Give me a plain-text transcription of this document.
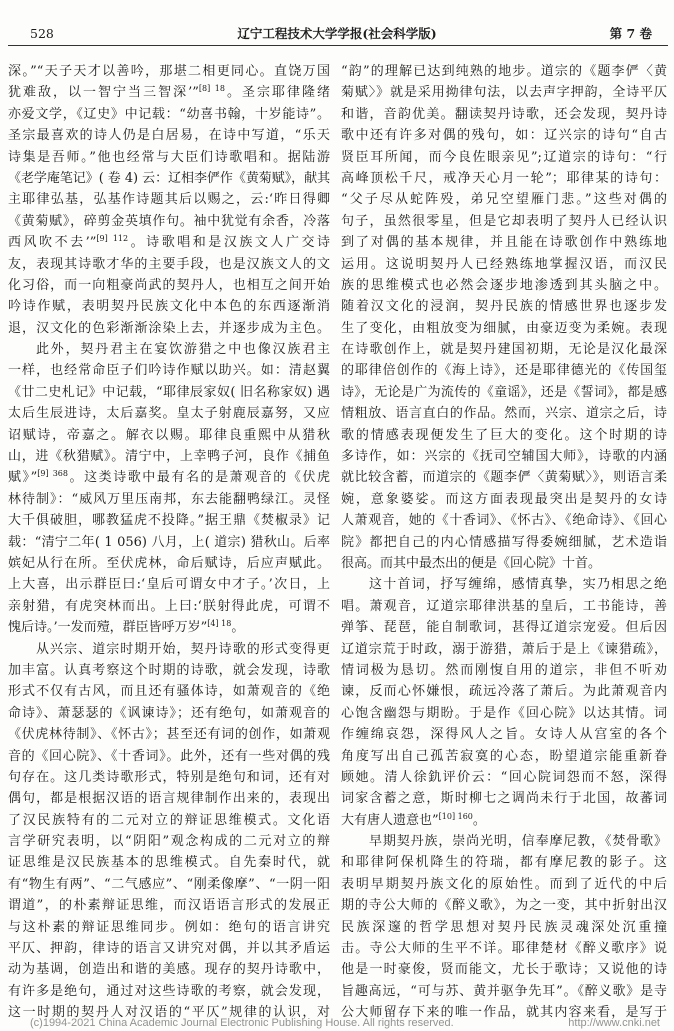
528	辽宁工程技术大学学报(社会科学版)	第 7 卷
深。”“天子天才以善吟，那堪二相更同心。直饶万国
犹难敌，以一智宁当三智深’”$^{[8] 18}$。圣宗耶律隆绪
亦爱文学，《辽史》中记载：“幼喜书翰，十岁能诗”。
圣宗最喜欢的诗人仍是白居易，在诗中写道，“乐天
诗集是吾师。”他也经常与大臣们诗歌唱和。据陆游
《老学庵笔记》( 卷 4) 云：辽相李俨作《黄菊赋》，献其
主耶律弘基，弘基作诗题其后以赐之，云:‘昨日得卿
《黄菊赋》，碎剪金英填作句。袖中犹觉有余香，冷落
西风吹不去’”$^{[9] 112}$。诗歌唱和是汉族文人广交诗
友，表现其诗歌才华的主要手段，也是汉族文人的文
化习俗，而一向粗豪尚武的契丹人，也相互之间开始
吟诗作赋，表明契丹民族文化中本色的东西逐渐消
退，汉文化的色彩渐渐涂染上去，并逐步成为主色。
此外，契丹君主在宴饮游猎之中也像汉族君主
一样，也经常命臣子们吟诗作赋以助兴。如：清赵翼
《廿二史札记》中记载，“耶律辰家奴( 旧名称家奴) 遇
太后生辰进诗，太后嘉奖。皇太子射鹿辰嘉努，又应
诏赋诗，帝嘉之。解衣以赐。耶律良重熙中从猎秋
山，进《秋猎赋》。清宁中，上幸鸭子河，良作《捕鱼
赋》”$^{[9] 368}$。这类诗歌中最有名的是萧观音的《伏虎
林待制》：“威风万里压南邦，东去能翻鸭绿江。灵怪
大千俱破胆，哪教猛虎不投降。”据王鼎《焚椒录》记
载：“清宁二年( 1 056) 八月，上( 道宗) 猎秋山。后率
嫔妃从行在所。至伏虎林，命后赋诗，后应声赋此。
上大喜，出示群臣曰:‘皇后可谓女中才子。’次日，上
亲射猎，有虎突林而出。上曰:‘朕射得此虎，可谓不
愧后诗。’一发而殪，群臣皆呼万岁”$^{[4] 18}$。
从兴宗、道宗时期开始，契丹诗歌的形式变得更
加丰富。认真考察这个时期的诗歌，就会发现，诗歌
形式不仅有古风，而且还有骚体诗，如萧观音的《绝
命诗》、萧瑟瑟的《讽谏诗》；还有绝句，如萧观音的
《伏虎林待制》、《怀古》；甚至还有词的创作，如萧观
音的《回心院》、《十香词》。此外，还有一些对偶的残
句存在。这几类诗歌形式，特别是绝句和词，还有对
偶句，都是根据汉语的语言规律制作出来的，表现出
了汉民族特有的二元对立的辩证思维模式。文化语
言学研究表明，以“阴阳”观念构成的二元对立的辩
证思维是汉民族基本的思维模式。自先秦时代，就
有“物生有两”、“二气感应”、“刚柔像摩”、“一阴一阳
谓道”，的朴素辩证思维，而汉语语言形式的发展正
与这朴素的辩证思维同步。例如：绝句的语言讲究
平仄、押韵，律诗的语言又讲究对偶，并以其矛盾运
动为基调，创造出和谐的美感。现存的契丹诗歌中，
有许多是绝句，通过对这些诗歌的考察，就会发现，
这一时期的契丹人对汉语的“平仄”规律的认识，对
“韵”的理解已达到纯熟的地步。道宗的《题李俨〈黄
菊赋〉》就是采用拗律句法，以去声字押韵，全诗平仄
和谐，音韵优美。翻读契丹诗歌，还会发现，契丹诗
歌中还有许多对偶的残句，如：辽兴宗的诗句“自古
贤臣耳所闻，而今良佐眼亲见”;辽道宗的诗句：“行
高峰顶松千尺，戒净天心月一轮”；耶律某的诗句：
“父子尽从蛇阵殁，弟兄空望雁门悲。”这些对偶的
句子，虽然很零星，但是它却表明了契丹人已经认识
到了对偶的基本规律，并且能在诗歌创作中熟练地
运用。这说明契丹人已经熟练地掌握汉语，而汉民
族的思维模式也必然会逐步地渗透到其头脑之中。
随着汉文化的浸润，契丹民族的情感世界也逐步发
生了变化，由粗放变为细腻，由豪迈变为柔婉。表现
在诗歌创作上，就是契丹建国初期，无论是汉化最深
的耶律倍创作的《海上诗》，还是耶律德光的《传国玺
诗》，无论是广为流传的《童谣》，还是《誓词》，都是感
情粗放、语言直白的作品。然而，兴宗、道宗之后，诗
歌的情感表现便发生了巨大的变化。这个时期的诗
多诗作，如：兴宗的《抚司空辅国大师》，诗歌的内涵
就比较含蓄，而道宗的《题李俨〈黄菊赋〉》，则语言柔
婉，意象婆娑。而这方面表现最突出是契丹的女诗
人萧观音，她的《十香词》、《怀古》、《绝命诗》、《回心
院》都把自己的内心情感描写得委婉细腻，艺术造诣
很高。而其中最杰出的便是《回心院》十首。
这十首词，抒写缠绵，感情真挚，实乃相思之绝
唱。萧观音，辽道宗耶律洪基的皇后，工书能诗，善
弹筝、琵琶，能自制歌词，甚得辽道宗宠爱。但后因
辽道宗荒于时政，溺于游猎，萧后于是上《谏猎疏》，
情词极为恳切。然而刚愎自用的道宗，非但不听劝
谏，反而心怀嫌恨，疏远冷落了萧后。为此萧观音内
心饱含幽怨与期盼。于是作《回心院》以达其情。词
作缠绵哀怨，深得风人之旨。女诗人从宫室的各个
角度写出自己孤苦寂寞的心态，盼望道宗能重新眷
顾她。清人徐釚评价云：“回心院词怨而不怒，深得
词家含蓄之意，斯时柳七之调尚未行于北国，故蕃词
大有唐人遗意也”$^{[10] 160}$。
早期契丹族，崇尚光明，信奉摩尼教，《焚骨歌》
和耶律阿保机降生的符瑞，都有摩尼教的影子。这
表明早期契丹族文化的原始性。而到了近代的中后
期的寺公大师的《醉义歌》，为之一变，其中折射出汉
民族深邃的哲学思想对契丹民族灵魂深处沉重撞
击。寺公大师的生平不详。耶律楚材《醉义歌序》说
他是一时豪俊，贤而能文，尤长于歌诗；又说他的诗
旨趣高远，“可与苏、黄并驱争先耳”。《醉义歌》是寺
公大师留存下来的唯一作品，就其内容来看，是写于
(c)1994-2021 China Academic Journal Electronic Publishing House. All rights reserved.	http://www.cnki.net
